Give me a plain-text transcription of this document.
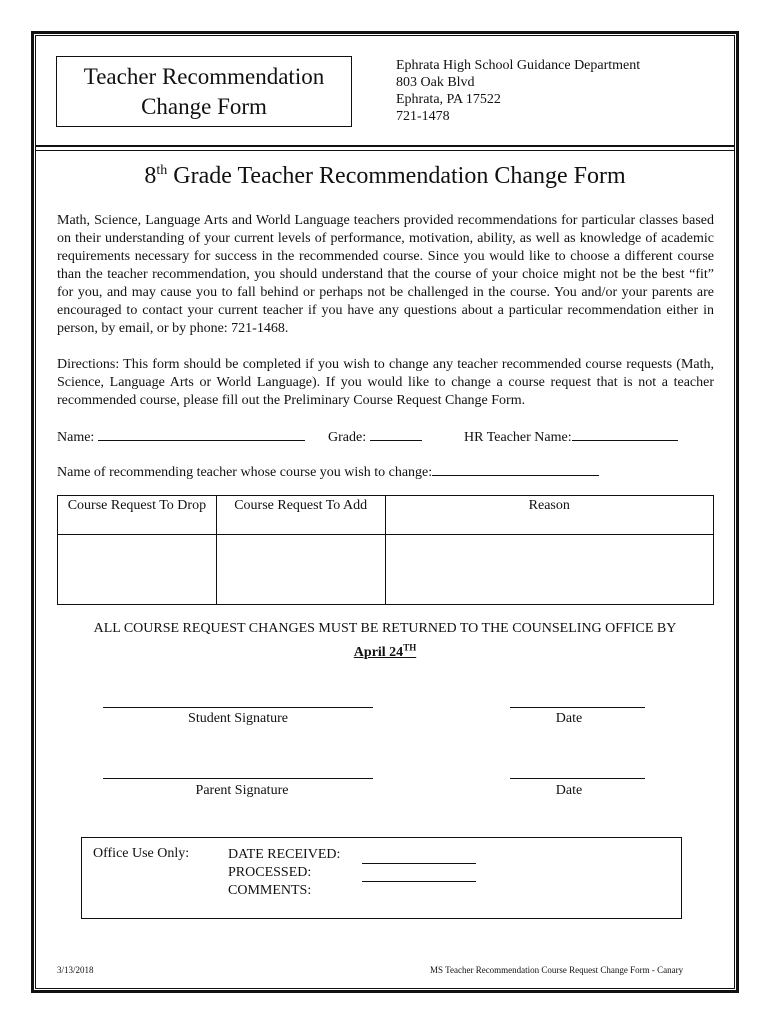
Teacher Recommendation
Change Form
Ephrata High School Guidance Department
803 Oak Blvd
Ephrata, PA 17522
721-1478
8th Grade Teacher Recommendation Change Form
Math, Science, Language Arts and World Language teachers provided recommendations for particular classes based on their understanding of your current levels of performance, motivation, ability, as well as knowledge of academic requirements necessary for success in the recommended course. Since you would like to choose a different course than the teacher recommendation, you should understand that the course of your choice might not be the best “fit” for you, and may cause you to fall behind or perhaps not be challenged in the course. You and/or your parents are encouraged to contact your current teacher if you have any questions about a particular recommendation either in person, by email, or by phone: 721-1468.
Directions: This form should be completed if you wish to change any teacher recommended course requests (Math, Science, Language Arts or World Language). If you would like to change a course request that is not a teacher recommended course, please fill out the Preliminary Course Request Change Form.
Name:	Grade:	HR Teacher Name:
Name of recommending teacher whose course you wish to change:
Course Request To Drop	Course Request To Add	Reason

ALL COURSE REQUEST CHANGES MUST BE RETURNED TO THE COUNSELING OFFICE BY
April 24TH
Student Signature	Date
Parent Signature	Date
Office Use Only:	DATE RECEIVED:
PROCESSED:
COMMENTS:
3/13/2018	MS Teacher Recommendation Course Request Change Form - Canary
